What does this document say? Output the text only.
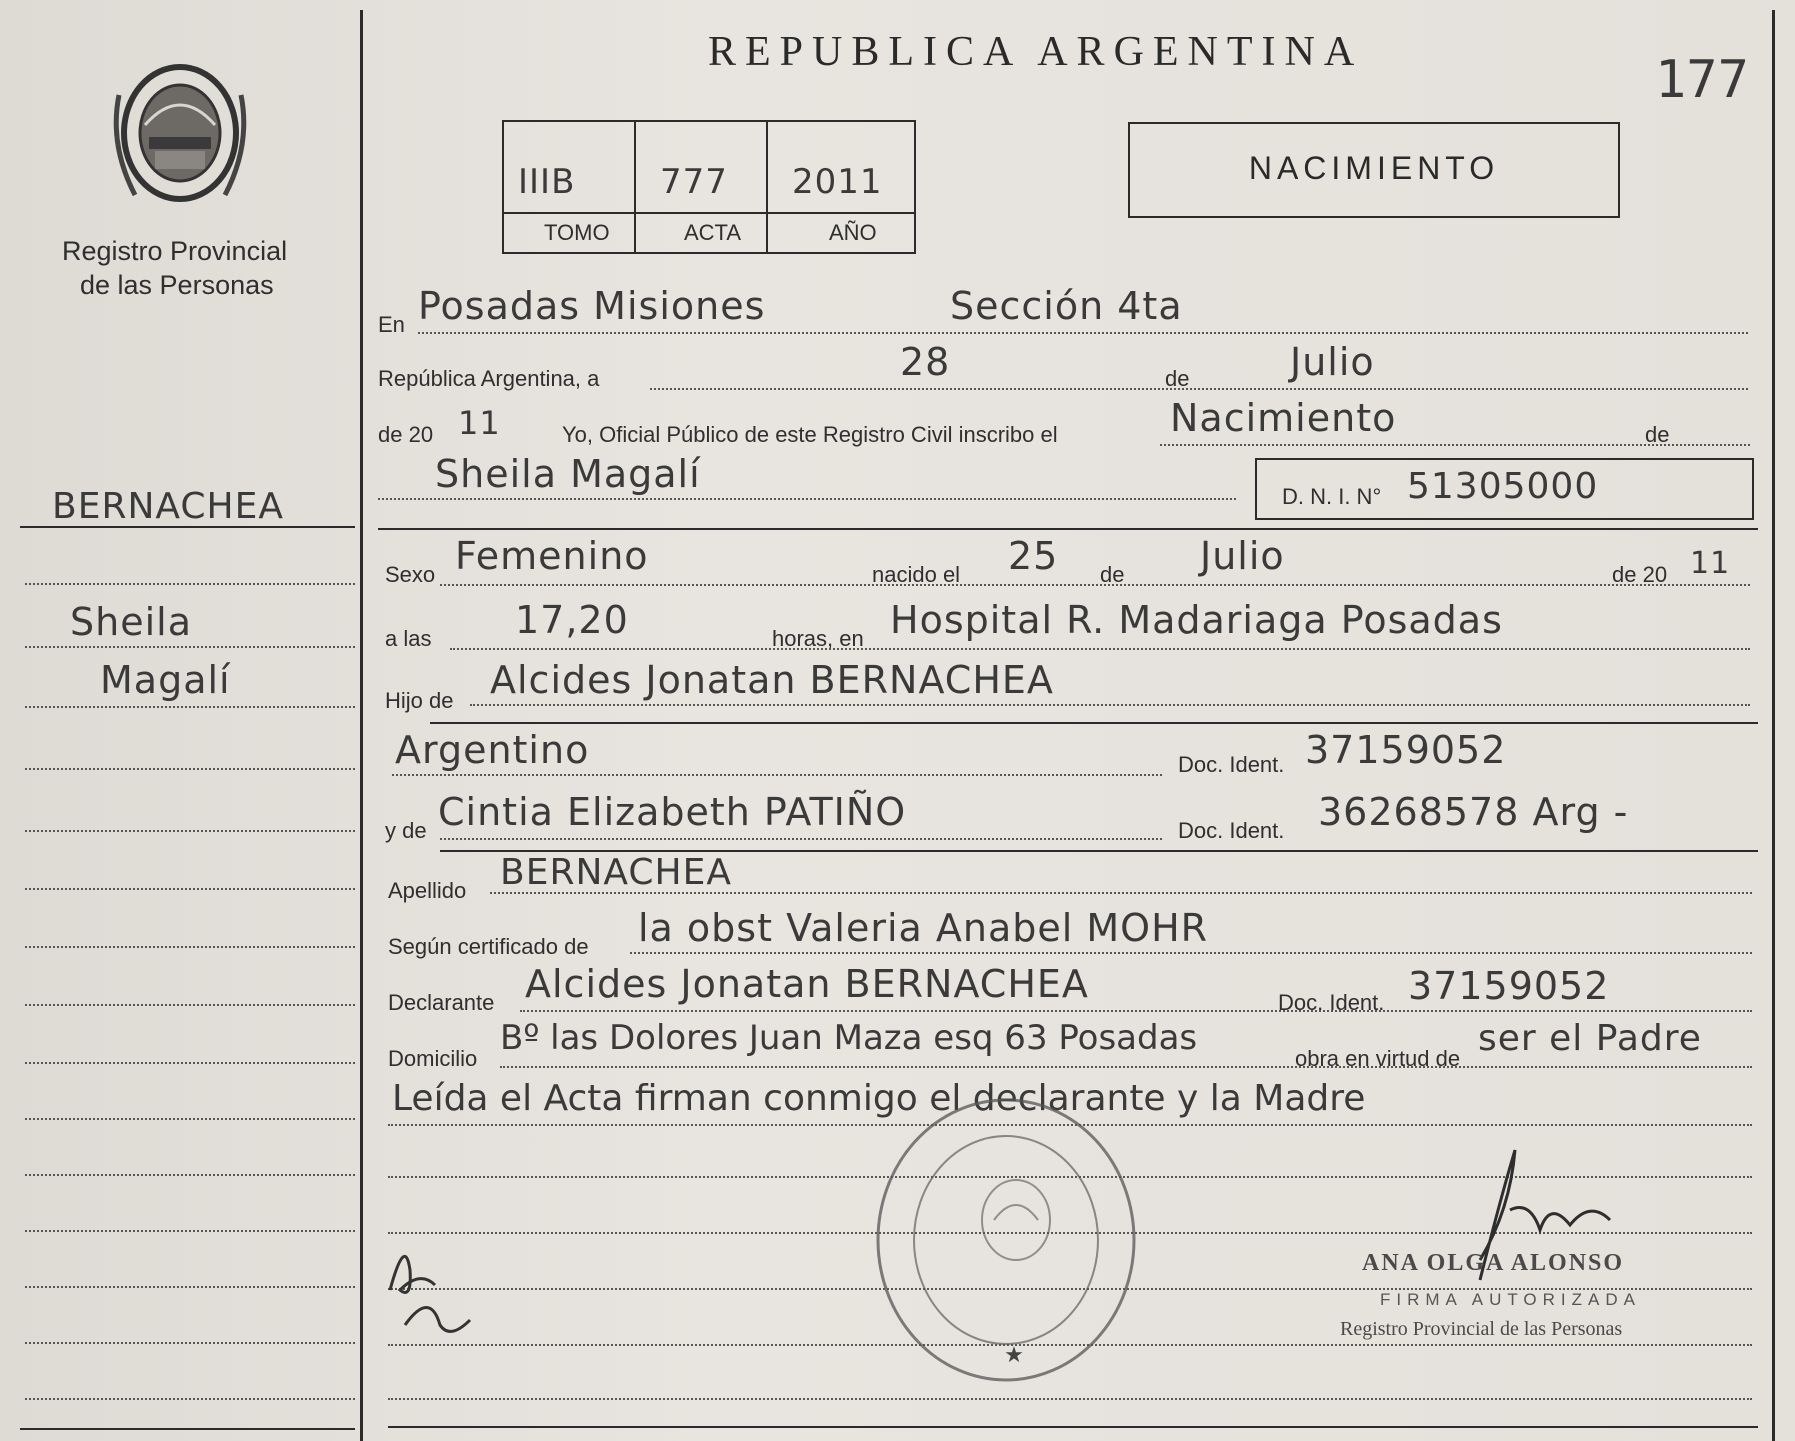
Registro Provincial
de las Personas
BERNACHEA
Sheila
Magalí
REPUBLICA ARGENTINA	177
IIIB 777 2011
TOMO	ACTA	AÑO
NACIMIENTO
En Posadas Misiones	Sección 4ta
República Argentina, a	28	de	Julio
de 20 11	Yo, Oficial Público de este Registro Civil inscribo el	Nacimiento	de
Sheila Magalí
D. N. I. N° 51305000
Sexo Femenino	nacido el 25 de Julio	de 20 11
a las 17,20	horas, en Hospital R. Madariaga Posadas
Hijo de Alcides Jonatan BERNACHEA
Argentino	Doc. Ident. 37159052
y de Cintia Elizabeth PATIÑO	Doc. Ident. 36268578 Arg -
Apellido BERNACHEA
Según certificado de la obst Valeria Anabel MOHR
Declarante Alcides Jonatan BERNACHEA	Doc. Ident. 37159052
Domicilio
Bº las Dolores Juan Maza esq 63 Posadas
obra en virtud de ser el Padre
Leída el Acta firman conmigo el declarante y la Madre
★
ANA OLGA ALONSO
FIRMA AUTORIZADA
Registro Provincial de las Personas
